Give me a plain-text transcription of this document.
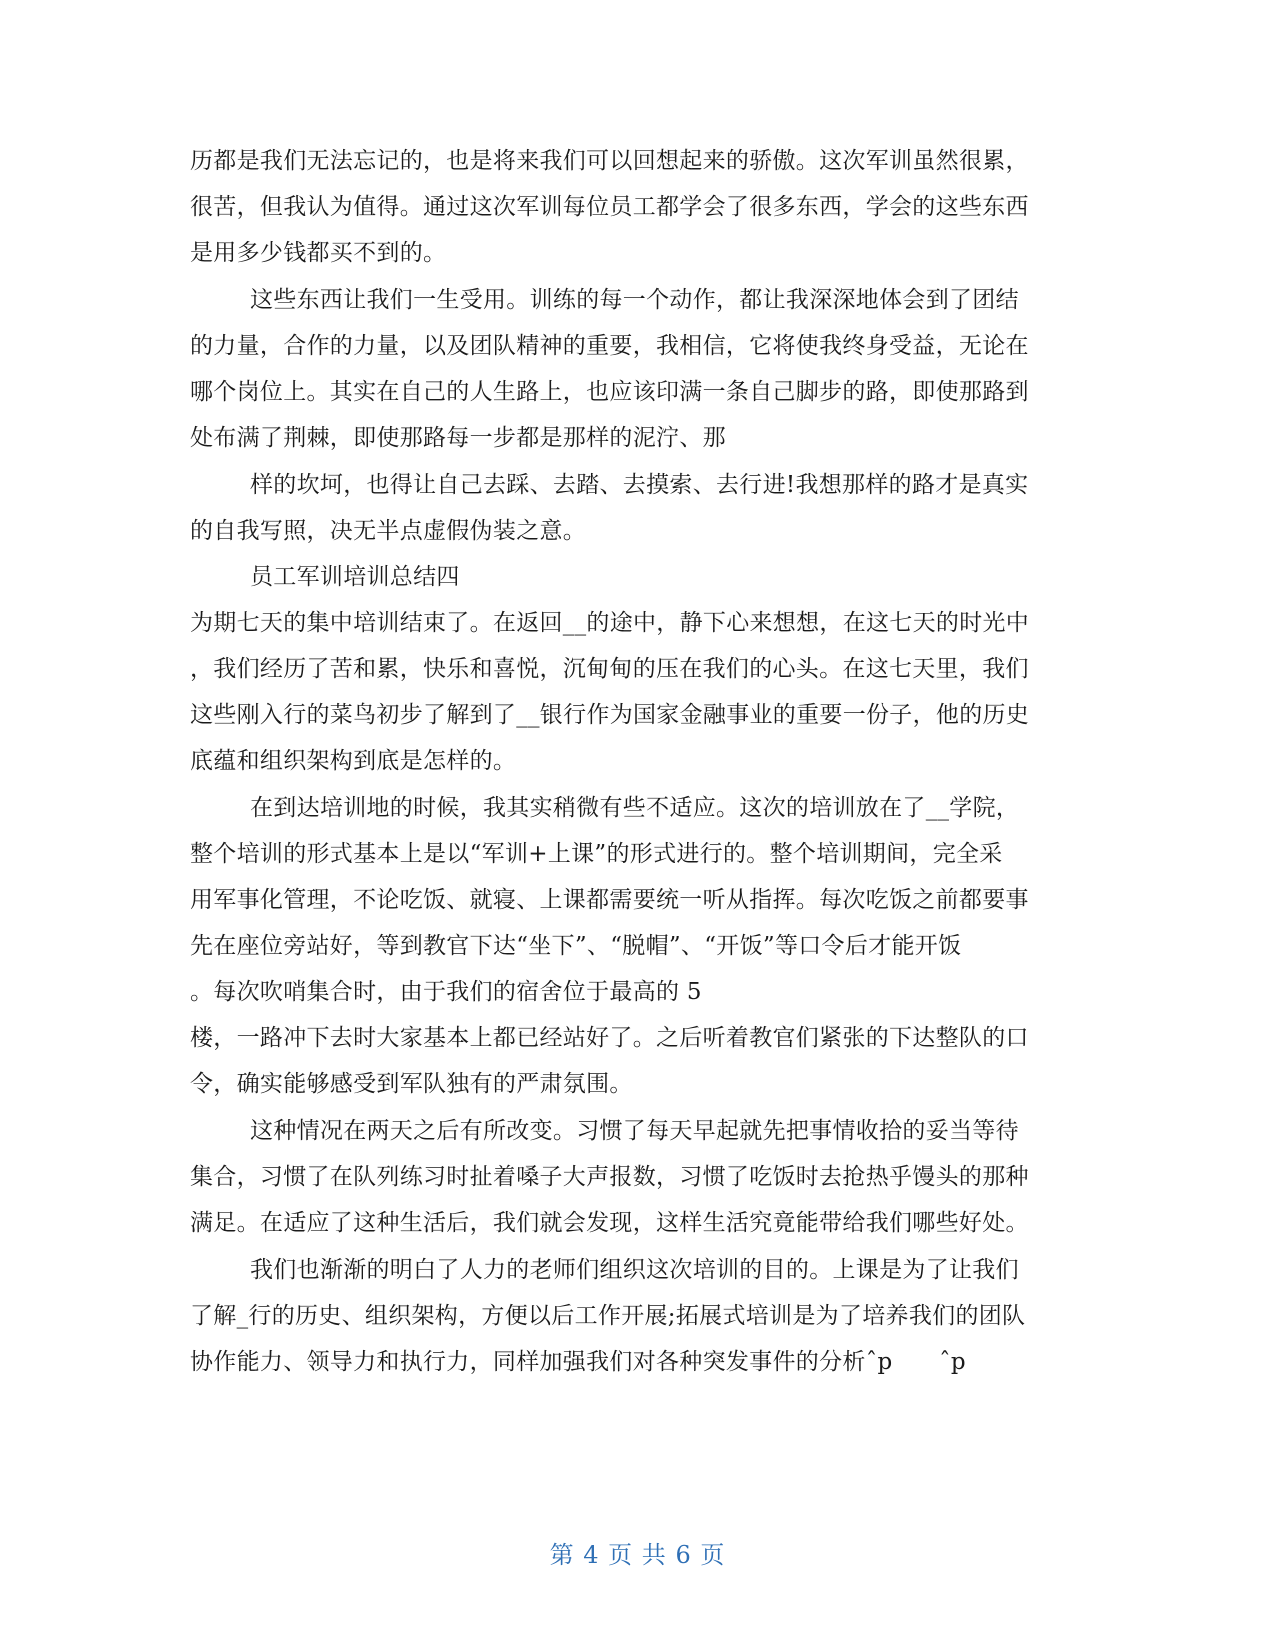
历都是我们无法忘记的，也是将来我们可以回想起来的骄傲。这次军训虽然很累，
很苦，但我认为值得。通过这次军训每位员工都学会了很多东西，学会的这些东西
是用多少钱都买不到的。
这些东西让我们一生受用。训练的每一个动作，都让我深深地体会到了团结
的力量，合作的力量，以及团队精神的重要，我相信，它将使我终身受益，无论在
哪个岗位上。其实在自己的人生路上，也应该印满一条自己脚步的路，即使那路到
处布满了荆棘，即使那路每一步都是那样的泥泞、那
样的坎坷，也得让自己去踩、去踏、去摸索、去行进!我想那样的路才是真实
的自我写照，决无半点虚假伪装之意。
员工军训培训总结四
为期七天的集中培训结束了。在返回__的途中，静下心来想想，在这七天的时光中
，我们经历了苦和累，快乐和喜悦，沉甸甸的压在我们的心头。在这七天里，我们
这些刚入行的菜鸟初步了解到了__银行作为国家金融事业的重要一份子，他的历史
底蕴和组织架构到底是怎样的。
在到达培训地的时候，我其实稍微有些不适应。这次的培训放在了__学院，
整个培训的形式基本上是以“军训+上课”的形式进行的。整个培训期间，完全采
用军事化管理，不论吃饭、就寝、上课都需要统一听从指挥。每次吃饭之前都要事
先在座位旁站好，等到教官下达“坐下”、“脱帽”、“开饭”等口令后才能开饭
。每次吹哨集合时，由于我们的宿舍位于最高的 5
楼，一路冲下去时大家基本上都已经站好了。之后听着教官们紧张的下达整队的口
令，确实能够感受到军队独有的严肃氛围。
这种情况在两天之后有所改变。习惯了每天早起就先把事情收拾的妥当等待
集合，习惯了在队列练习时扯着嗓子大声报数，习惯了吃饭时去抢热乎馒头的那种
满足。在适应了这种生活后，我们就会发现，这样生活究竟能带给我们哪些好处。
我们也渐渐的明白了人力的老师们组织这次培训的目的。上课是为了让我们
了解_行的历史、组织架构，方便以后工作开展;拓展式培训是为了培养我们的团队
协作能力、领导力和执行力，同样加强我们对各种突发事件的分析ˆp　　ˆp
第 4 页 共 6 页
